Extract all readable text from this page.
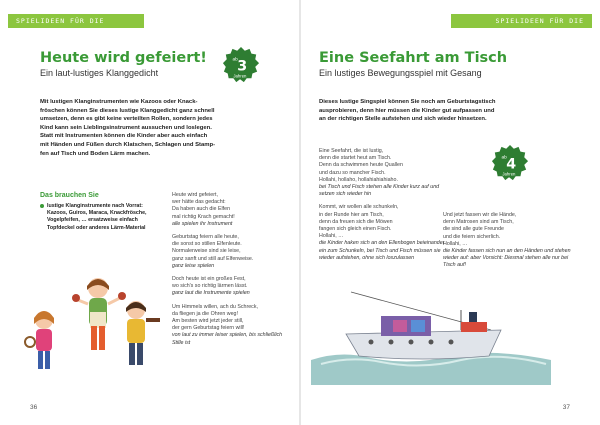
SPIELIDEEN FÜR DIE GEBURTSTAGSFEIER
Heute wird gefeiert!
Ein laut-lustiges Klanggedicht
ab 3
Jahren
Mit lustigen Klanginstrumenten wie Kazoos oder Knack-
fröschen können Sie dieses lustige Klanggedicht ganz schnell
umsetzen, denn es gibt keine verteilten Rollen, sondern jedes
Kind kann sein Lieblingsinstrument aussuchen und loslegen.
Statt mit Instrumenten können die Kinder aber auch einfach
mit Händen und Füßen durch Klatschen, Schlagen und Stamp-
fen auf Tisch und Boden Lärm machen.
Das brauchen Sie
lustige Klanginstrumente nach Vorrat:
Kazoos, Guiros, Maraca, Knackfrösche,
Vogelpfeifen, … ersatzweise einfach
Topfdeckel oder anderes Lärm-Material
Heute wird gefeiert,
wer hätte das gedacht:
Da haben auch die Elfen
mal richtig Krach gemacht!
alle spielen ihr Instrument
Geburtstag feiern alle heute,
die sonst so stillen Elfenleute.
Normalerweise sind sie leise,
ganz sanft und still auf Elfenweise.
ganz leise spielen
Doch heute ist ein großes Fest,
wo sich's so richtig lärmen lässt.
ganz laut die Instrumente spielen
Um Himmels willen, ach du Schreck,
da fliegen ja die Ohren weg!
Am besten wird jetzt jeder still,
der gern Geburtstag feiern will!
von laut zu immer leiser spielen, bis schließlich Stille ist
36
SPIELIDEEN FÜR DIE GEBURTSTAGSFEIER
Eine Seefahrt am Tisch
Ein lustiges Bewegungsspiel mit Gesang
Dieses lustige Singspiel können Sie noch am Geburtstagstisch
ausprobieren, denn hier müssen die Kinder gut aufpassen und
an der richtigen Stelle aufstehen und sich wieder hinsetzen.
ab 4
Jahren
Eine Seefahrt, die ist lustig,
denn die startet heut am Tisch.
Denn da schwimmen heute Quallen
und dazu so mancher Fisch.
Hollahi, hollaho, hollahiahiahiaho.
bei Tisch und Fisch stehen alle Kinder kurz auf und setzen sich wieder hin
Kommt, wir wollen alle schunkeln,
in der Runde hier am Tisch,
denn da freuen sich die Möwen
fangen sich gleich einen Fisch.
Hollahi, …
die Kinder haken sich an den Ellenbogen beieinander ein zum Schunkeln, bei Tisch und Fisch müssen sie wieder aufstehen, ohne sich loszulassen
Und jetzt fassen wir die Hände,
denn Matrosen sind am Tisch,
die sind alle gute Freunde
und die feiern sicherlich.
Hollahi, …
die Kinder fassen sich nun an den Händen und stehen wieder auf: aber Vorsicht: Diesmal stehen alle nur bei Tisch auf!
37
